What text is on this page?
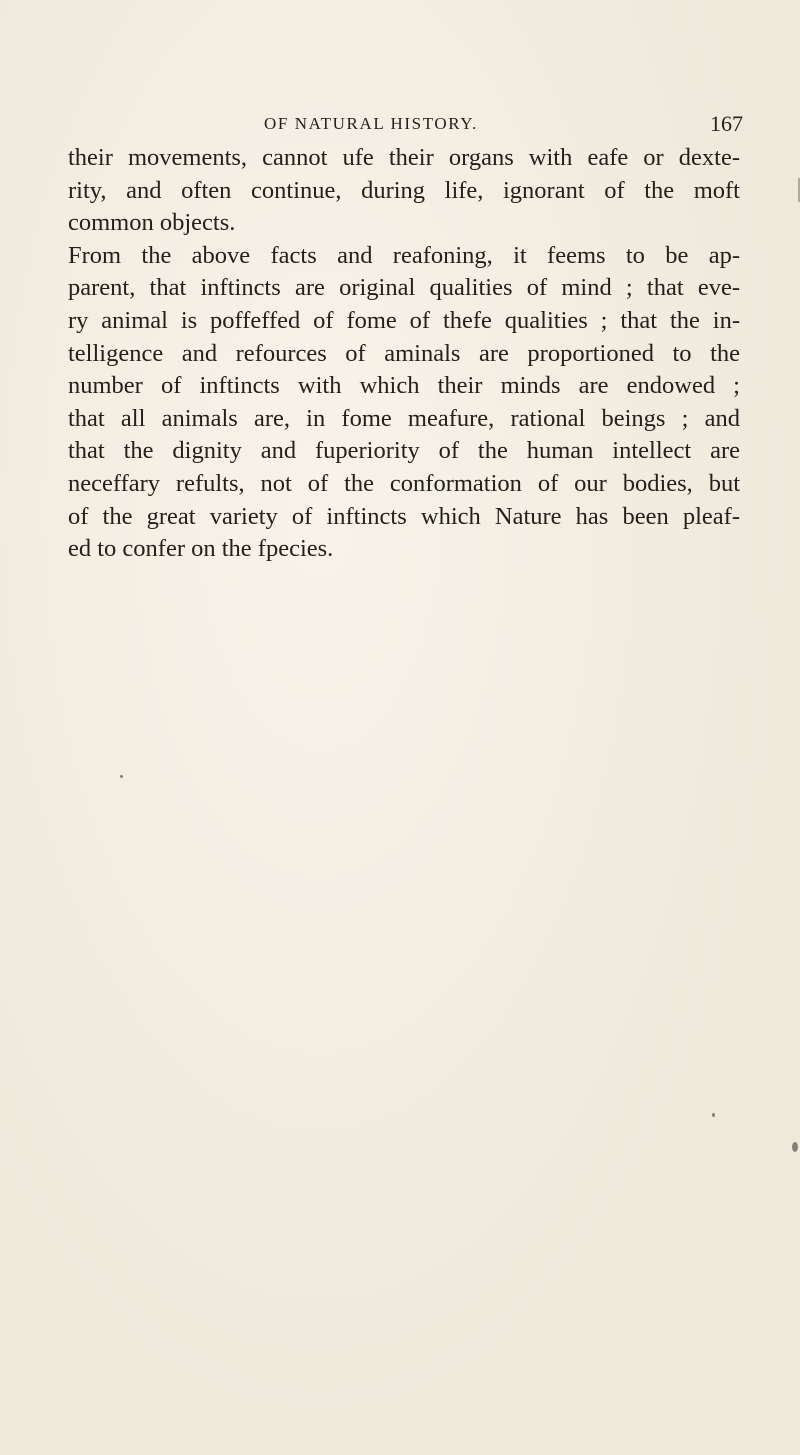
OF NATURAL HISTORY.	167
their movements, cannot ufe their organs with eafe or dexte-
rity, and often continue, during life, ignorant of the moft
common objects.
From the above facts and reafoning, it feems to be ap-
parent, that inftincts are original qualities of mind ; that eve-
ry animal is poffeffed of fome of thefe qualities ; that the in-
telligence and refources of aminals are proportioned to the
number of inftincts with which their minds are endowed ;
that all animals are, in fome meafure, rational beings ; and
that the dignity and fuperiority of the human intellect are
neceffary refults, not of the conformation of our bodies, but
of the great variety of inftincts which Nature has been pleaf-
ed to confer on the fpecies.
